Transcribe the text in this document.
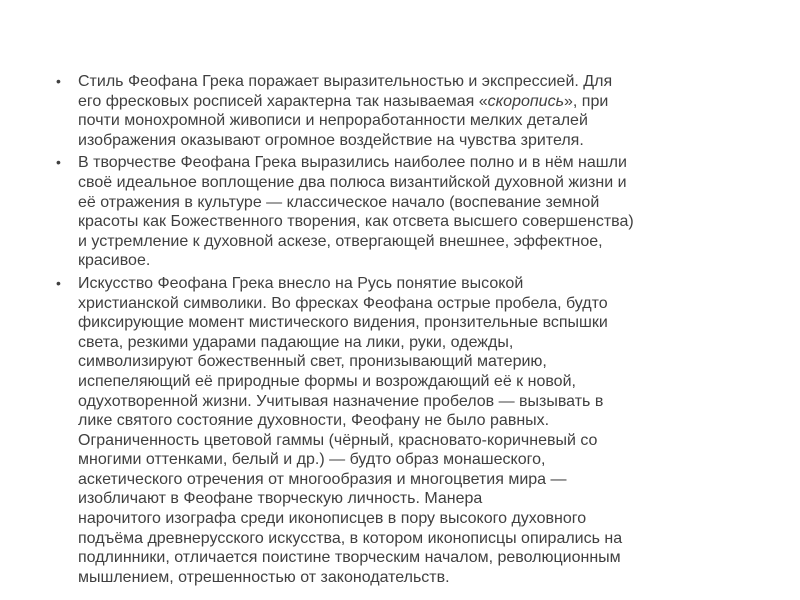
• Стиль Феофана Грека поражает выразительностью и экспрессией. Для
его фресковых росписей характерна так называемая «скоропись», при
почти монохромной живописи и непроработанности мелких деталей
изображения оказывают огромное воздействие на чувства зрителя.
• В творчестве Феофана Грека выразились наиболее полно и в нём нашли
своё идеальное воплощение два полюса византийской духовной жизни и
её отражения в культуре — классическое начало (воспевание земной
красоты как Божественного творения, как отсвета высшего совершенства)
и устремление к духовной аскезе, отвергающей внешнее, эффектное,
красивое.
• Искусство Феофана Грека внесло на Русь понятие высокой
христианской символики. Во фресках Феофана острые пробела, будто
фиксирующие момент мистического видения, пронзительные вспышки
света, резкими ударами падающие на лики, руки, одежды,
символизируют божественный свет, пронизывающий материю,
испепеляющий её природные формы и возрождающий её к новой,
одухотворенной жизни. Учитывая назначение пробелов — вызывать в
лике святого состояние духовности, Феофану не было равных.
Ограниченность цветовой гаммы (чёрный, красновато-коричневый со
многими оттенками, белый и др.) — будто образ монашеского,
аскетического отречения от многообразия и многоцветия мира —
изобличают в Феофане творческую личность. Манера
нарочитого изографа среди иконописцев в пору высокого духовного
подъёма древнерусского искусства, в котором иконописцы опирались на
подлинники, отличается поистине творческим началом, революционным
мышлением, отрешенностью от законодательств.
